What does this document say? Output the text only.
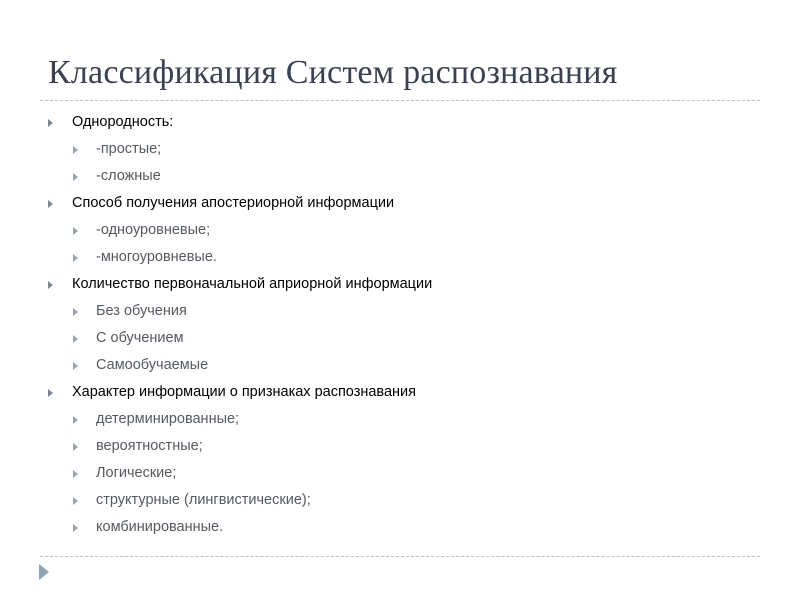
Классификация Систем распознавания
Однородность:
-простые;
-сложные
Способ получения апостериорной информации
-одноуровневые;
-многоуровневые.
Количество первоначальной априорной информации
Без обучения
С обучением
Самообучаемые
Характер информации о признаках распознавания
детерминированные;
вероятностные;
Логические;
структурные (лингвистические);
комбинированные.
